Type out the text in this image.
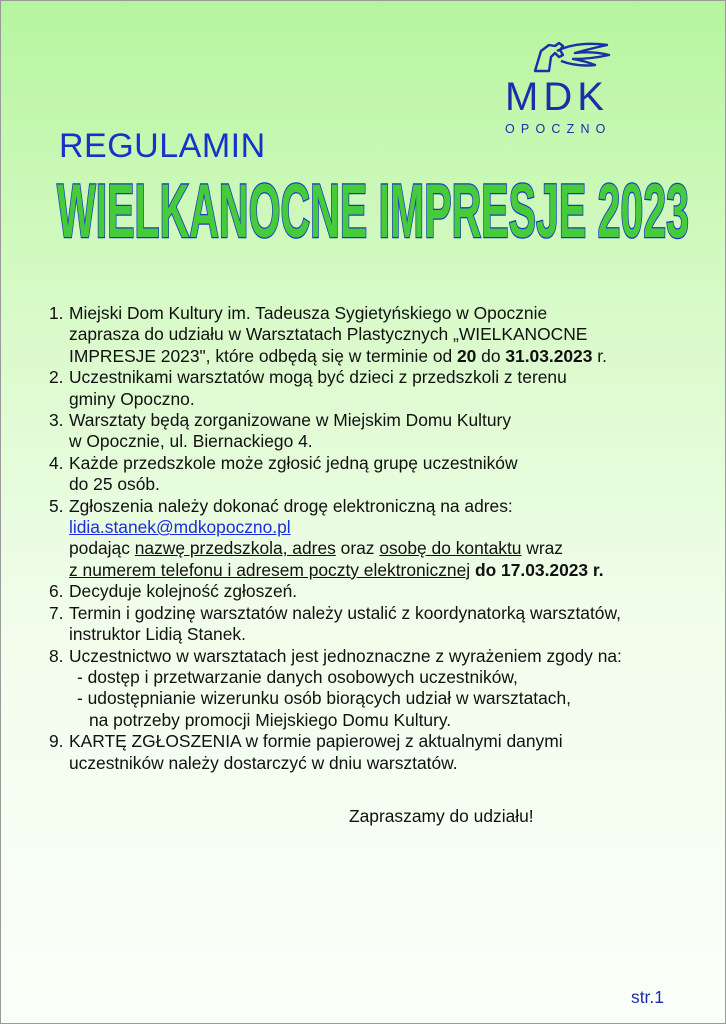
MDK
OPOCZNO
REGULAMIN
WIELKANOCNE IMPRESJE 2023
1. Miejski Dom Kultury im. Tadeusza Sygietyńskiego w Opocznie
zaprasza do udziału w Warsztatach Plastycznych „WIELKANOCNE
IMPRESJE 2023", które odbędą się w terminie od 20 do 31.03.2023 r.
2. Uczestnikami warsztatów mogą być dzieci z przedszkoli z terenu
gminy Opoczno.
3. Warsztaty będą zorganizowane w Miejskim Domu Kultury
w Opocznie, ul. Biernackiego 4.
4. Każde przedszkole może zgłosić jedną grupę uczestników
do 25 osób.
5. Zgłoszenia należy dokonać drogę elektroniczną na adres:
lidia.stanek@mdkopoczno.pl
podając nazwę przedszkola, adres oraz osobę do kontaktu wraz
z numerem telefonu i adresem poczty elektronicznej do 17.03.2023 r.
6. Decyduje kolejność zgłoszeń.
7. Termin i godzinę warsztatów należy ustalić z koordynatorką warsztatów,
instruktor Lidią Stanek.
8. Uczestnictwo w warsztatach jest jednoznaczne z wyrażeniem zgody na:
- dostęp i przetwarzanie danych osobowych uczestników,
- udostępnianie wizerunku osób biorących udział w warsztatach,
na potrzeby promocji Miejskiego Domu Kultury.
9. KARTĘ ZGŁOSZENIA w formie papierowej z aktualnymi danymi
uczestników należy dostarczyć w dniu warsztatów.
Zapraszamy do udziału!
str.1
